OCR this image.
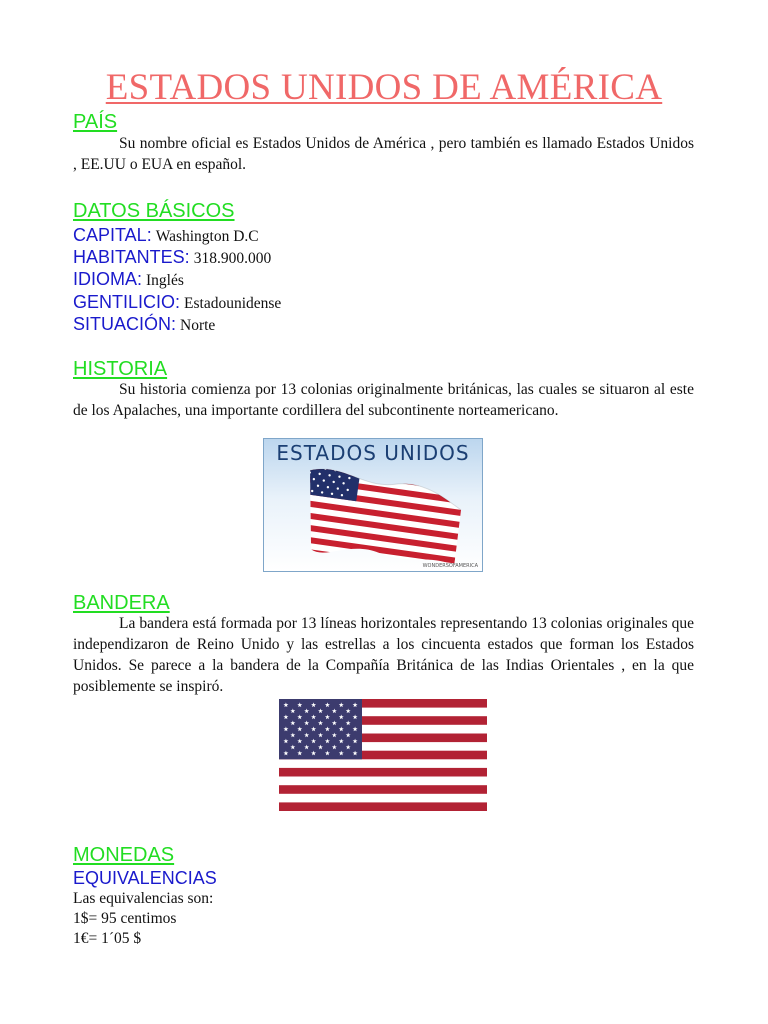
ESTADOS UNIDOS DE AMÉRICA
PAÍS

Su nombre oficial es Estados Unidos de América , pero también es llamado Estados Unidos , EE.UU o EUA en español.

DATOS BÁSICOS
CAPITAL: Washington D.C
HABITANTES: 318.900.000
IDIOMA: Inglés
GENTILICIO: Estadounidense
SITUACIÓN: Norte
HISTORIA

Su historia comienza por 13 colonias originalmente británicas, las cuales se situaron al este de los Apalaches, una importante cordillera del subcontinente norteamericano.

ESTADOS UNIDOS
WONDERSOFAMERICA
BANDERA

La bandera está formada por 13 líneas horizontales representando 13 colonias originales que independizaron de Reino Unido y las estrellas a los cincuenta estados que forman los Estados Unidos. Se parece a la bandera de la Compañía Británica de las Indias Orientales , en la que posiblemente se inspiró.

MONEDAS
EQUIVALENCIAS
Las equivalencias son:
1$= 95 centimos
1€= 1´05 $
